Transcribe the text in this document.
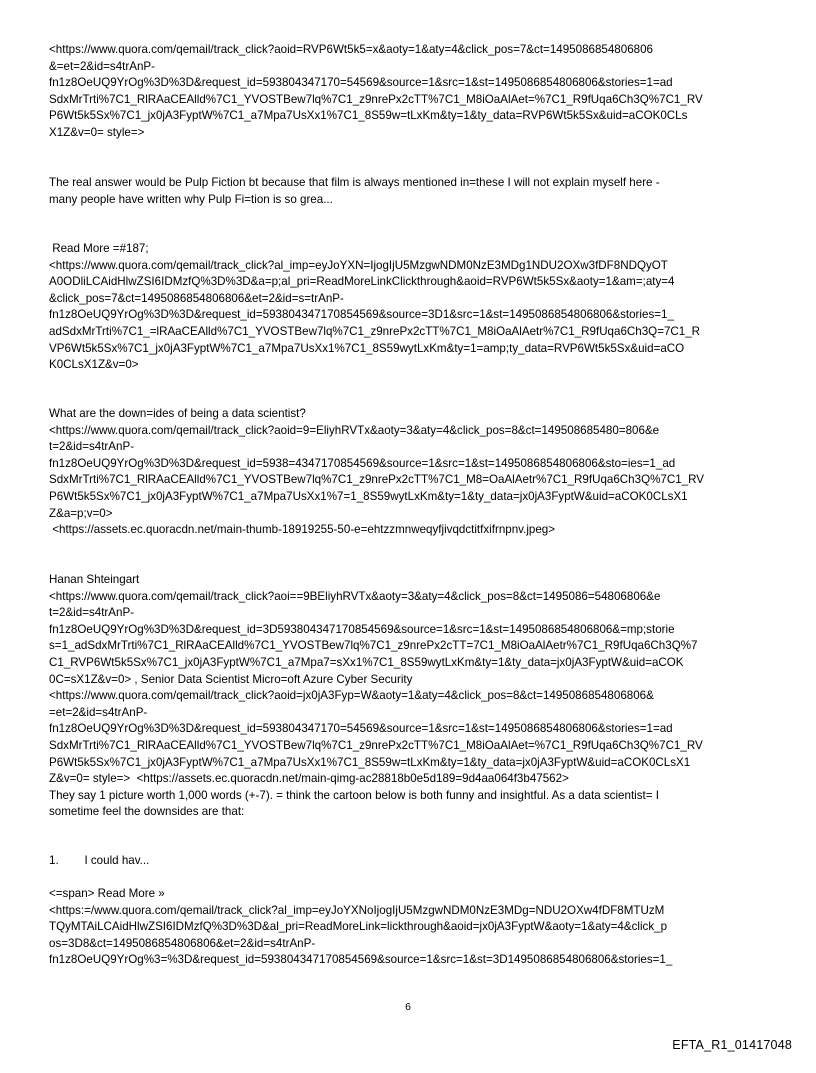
<https://www.quora.com/qemail/track_click?aoid=RVP6Wt5k5=x&aoty=1&aty=4&click_pos=7&ct=1495086854806806
&=et=2&id=s4trAnP-
fn1z8OeUQ9YrOg%3D%3D&request_id=593804347170=54569&source=1&src=1&st=1495086854806806&stories=1=ad
SdxMrTrti%7C1_RlRAaCEAlld%7C1_YVOSTBew7lq%7C1_z9nrePx2cTT%7C1_M8iOaAlAet=%7C1_R9fUqa6Ch3Q%7C1_RV
P6Wt5k5Sx%7C1_jx0jA3FyptW%7C1_a7Mpa7UsXx1%7C1_8S59w=tLxKm&ty=1&ty_data=RVP6Wt5k5Sx&uid=aCOK0CLs
X1Z&v=0= style=>

The real answer would be Pulp Fiction bt because that film is always mentioned in=these I will not explain myself here -
many people have written why Pulp Fi=tion is so grea...

Read More =#187;
<https://www.quora.com/qemail/track_click?al_imp=eyJoYXN=IjogIjU5MzgwNDM0NzE3MDg1NDU2OXw3fDF8NDQyOT
A0ODliLCAidHlwZSI6IDMzfQ%3D%3D&a=p;al_pri=ReadMoreLinkClickthrough&aoid=RVP6Wt5k5Sx&aoty=1&am=;aty=4
&click_pos=7&ct=1495086854806806&et=2&id=s=trAnP-
fn1z8OeUQ9YrOg%3D%3D&request_id=593804347170854569&source=3D1&src=1&st=1495086854806806&stories=1_
adSdxMrTrti%7C1_=lRAaCEAlld%7C1_YVOSTBew7lq%7C1_z9nrePx2cTT%7C1_M8iOaAlAetr%7C1_R9fUqa6Ch3Q=7C1_R
VP6Wt5k5Sx%7C1_jx0jA3FyptW%7C1_a7Mpa7UsXx1%7C1_8S59wytLxKm&ty=1=amp;ty_data=RVP6Wt5k5Sx&uid=aCO
K0CLsX1Z&v=0>

What are the down=ides of being a data scientist?
<https://www.quora.com/qemail/track_click?aoid=9=EliyhRVTx&aoty=3&aty=4&click_pos=8&ct=149508685480=806&e
t=2&id=s4trAnP-
fn1z8OeUQ9YrOg%3D%3D&request_id=5938=4347170854569&source=1&src=1&st=1495086854806806&sto=ies=1_ad
SdxMrTrti%7C1_RlRAaCEAlld%7C1_YVOSTBew7lq%7C1_z9nrePx2cTT%7C1_M8=OaAlAetr%7C1_R9fUqa6Ch3Q%7C1_RV
P6Wt5k5Sx%7C1_jx0jA3FyptW%7C1_a7Mpa7UsXx1%7=1_8S59wytLxKm&ty=1&ty_data=jx0jA3FyptW&uid=aCOK0CLsX1
Z&a=p;v=0>
<https://assets.ec.quoracdn.net/main-thumb-18919255-50-e=ehtzzmnweqyfjivqdctitfxifrnpnv.jpeg>

Hanan Shteingart
<https://www.quora.com/qemail/track_click?aoi==9BEliyhRVTx&aoty=3&aty=4&click_pos=8&ct=1495086=54806806&e
t=2&id=s4trAnP-
fn1z8OeUQ9YrOg%3D%3D&request_id=3D593804347170854569&source=1&src=1&st=1495086854806806&=mp;storie
s=1_adSdxMrTrti%7C1_RlRAaCEAlld%7C1_YVOSTBew7lq%7C1_z9nrePx2cTT=7C1_M8iOaAlAetr%7C1_R9fUqa6Ch3Q%7
C1_RVP6Wt5k5Sx%7C1_jx0jA3FyptW%7C1_a7Mpa7=sXx1%7C1_8S59wytLxKm&ty=1&ty_data=jx0jA3FyptW&uid=aCOK
0C=sX1Z&v=0> , Senior Data Scientist Micro=oft Azure Cyber Security
<https://www.quora.com/qemail/track_click?aoid=jx0jA3Fyp=W&aoty=1&aty=4&click_pos=8&ct=1495086854806806&
=et=2&id=s4trAnP-
fn1z8OeUQ9YrOg%3D%3D&request_id=593804347170=54569&source=1&src=1&st=1495086854806806&stories=1=ad
SdxMrTrti%7C1_RlRAaCEAlld%7C1_YVOSTBew7lq%7C1_z9nrePx2cTT%7C1_M8iOaAlAet=%7C1_R9fUqa6Ch3Q%7C1_RV
P6Wt5k5Sx%7C1_jx0jA3FyptW%7C1_a7Mpa7UsXx1%7C1_8S59w=tLxKm&ty=1&ty_data=jx0jA3FyptW&uid=aCOK0CLsX1
Z&v=0= style=>  <https://assets.ec.quoracdn.net/main-qimg-ac28818b0e5d189=9d4aa064f3b47562>
They say 1 picture worth 1,000 words (+-7). = think the cartoon below is both funny and insightful. As a data scientist= I
sometime feel the downsides are that:

1.        I could hav...

<=span> Read More »
<https:=/www.quora.com/qemail/track_click?al_imp=eyJoYXNoIjogIjU5MzgwNDM0NzE3MDg=NDU2OXw4fDF8MTUzM
TQyMTAiLCAidHlwZSI6IDMzfQ%3D%3D&al_pri=ReadMoreLink=lickthrough&aoid=jx0jA3FyptW&aoty=1&aty=4&click_p
os=3D8&ct=1495086854806806&et=2&id=s4trAnP-
fn1z8OeUQ9YrOg%3=%3D&request_id=593804347170854569&source=1&src=1&st=3D1495086854806806&stories=1_

6
EFTA_R1_01417048
